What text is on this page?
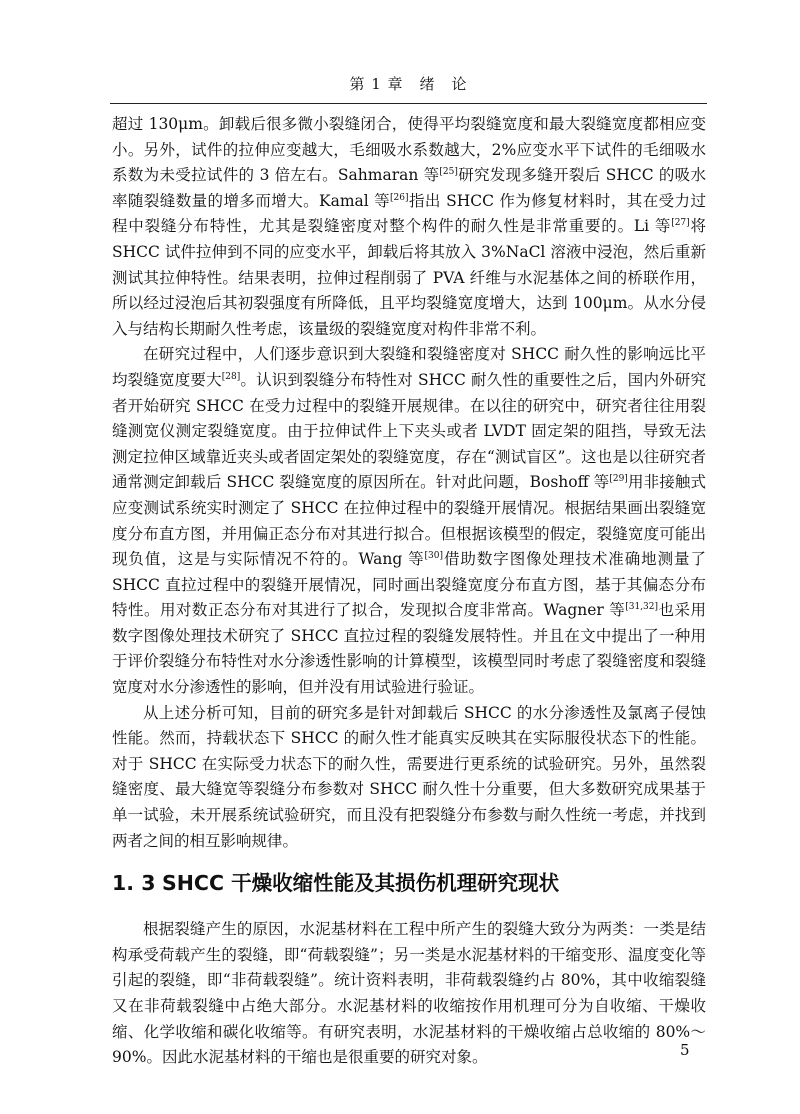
第 1 章　绪　论

超过 130μm。卸载后很多微小裂缝闭合，使得平均裂缝宽度和最大裂缝宽度都相应变小。另外，试件的拉伸应变越大，毛细吸水系数越大，2%应变水平下试件的毛细吸水系数为未受拉试件的 3 倍左右。Sahmaran 等[25]研究发现多缝开裂后 SHCC 的吸水率随裂缝数量的增多而增大。Kamal 等[26]指出 SHCC 作为修复材料时，其在受力过程中裂缝分布特性，尤其是裂缝密度对整个构件的耐久性是非常重要的。Li 等[27]将 SHCC 试件拉伸到不同的应变水平，卸载后将其放入 3%NaCl 溶液中浸泡，然后重新测试其拉伸特性。结果表明，拉伸过程削弱了 PVA 纤维与水泥基体之间的桥联作用，所以经过浸泡后其初裂强度有所降低，且平均裂缝宽度增大，达到 100μm。从水分侵入与结构长期耐久性考虑，该量级的裂缝宽度对构件非常不利。

在研究过程中，人们逐步意识到大裂缝和裂缝密度对 SHCC 耐久性的影响远比平均裂缝宽度要大[28]。认识到裂缝分布特性对 SHCC 耐久性的重要性之后，国内外研究者开始研究 SHCC 在受力过程中的裂缝开展规律。在以往的研究中，研究者往往用裂缝测宽仪测定裂缝宽度。由于拉伸试件上下夹头或者 LVDT 固定架的阻挡，导致无法测定拉伸区域靠近夹头或者固定架处的裂缝宽度，存在“测试盲区”。这也是以往研究者通常测定卸载后 SHCC 裂缝宽度的原因所在。针对此问题，Boshoff 等[29]用非接触式应变测试系统实时测定了 SHCC 在拉伸过程中的裂缝开展情况。根据结果画出裂缝宽度分布直方图，并用偏正态分布对其进行拟合。但根据该模型的假定，裂缝宽度可能出现负值，这是与实际情况不符的。Wang 等[30]借助数字图像处理技术准确地测量了 SHCC 直拉过程中的裂缝开展情况，同时画出裂缝宽度分布直方图，基于其偏态分布特性。用对数正态分布对其进行了拟合，发现拟合度非常高。Wagner 等[31,32]也采用数字图像处理技术研究了 SHCC 直拉过程的裂缝发展特性。并且在文中提出了一种用于评价裂缝分布特性对水分渗透性影响的计算模型，该模型同时考虑了裂缝密度和裂缝宽度对水分渗透性的影响，但并没有用试验进行验证。

从上述分析可知，目前的研究多是针对卸载后 SHCC 的水分渗透性及氯离子侵蚀性能。然而，持载状态下 SHCC 的耐久性才能真实反映其在实际服役状态下的性能。对于 SHCC 在实际受力状态下的耐久性，需要进行更系统的试验研究。另外，虽然裂缝密度、最大缝宽等裂缝分布参数对 SHCC 耐久性十分重要，但大多数研究成果基于单一试验，未开展系统试验研究，而且没有把裂缝分布参数与耐久性统一考虑，并找到两者之间的相互影响规律。

1. 3 SHCC 干燥收缩性能及其损伤机理研究现状

根据裂缝产生的原因，水泥基材料在工程中所产生的裂缝大致分为两类：一类是结构承受荷载产生的裂缝，即“荷载裂缝”；另一类是水泥基材料的干缩变形、温度变化等引起的裂缝，即“非荷载裂缝”。统计资料表明，非荷载裂缝约占 80%，其中收缩裂缝又在非荷载裂缝中占绝大部分。水泥基材料的收缩按作用机理可分为自收缩、干燥收缩、化学收缩和碳化收缩等。有研究表明，水泥基材料的干燥收缩占总收缩的 80%～90%。因此水泥基材料的干缩也是很重要的研究对象。	5
